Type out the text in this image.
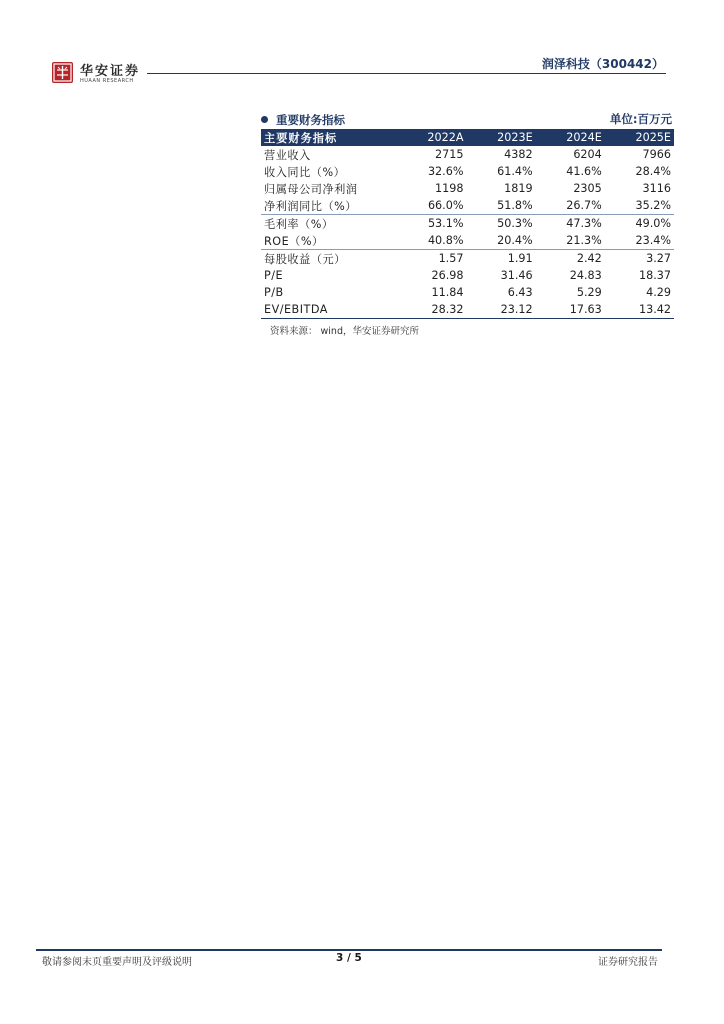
华安证券
HUAAN RESEARCH
润泽科技（300442）
重要财务指标	单位:百万元
主要财务指标	2022A	2023E	2024E	2025E
营业收入	2715	4382	6204	7966
收入同比（%）	32.6%	61.4%	41.6%	28.4%
归属母公司净利润	1198	1819	2305	3116
净利润同比（%）	66.0%	51.8%	26.7%	35.2%
毛利率（%）	53.1%	50.3%	47.3%	49.0%
ROE（%）	40.8%	20.4%	21.3%	23.4%
每股收益（元）	1.57	1.91	2.42	3.27
P/E	26.98	31.46	24.83	18.37
P/B	11.84	6.43	5.29	4.29
EV/EBITDA	28.32	23.12	17.63	13.42
资料来源： wind，华安证券研究所
敬请参阅末页重要声明及评级说明	3 / 5	证券研究报告
